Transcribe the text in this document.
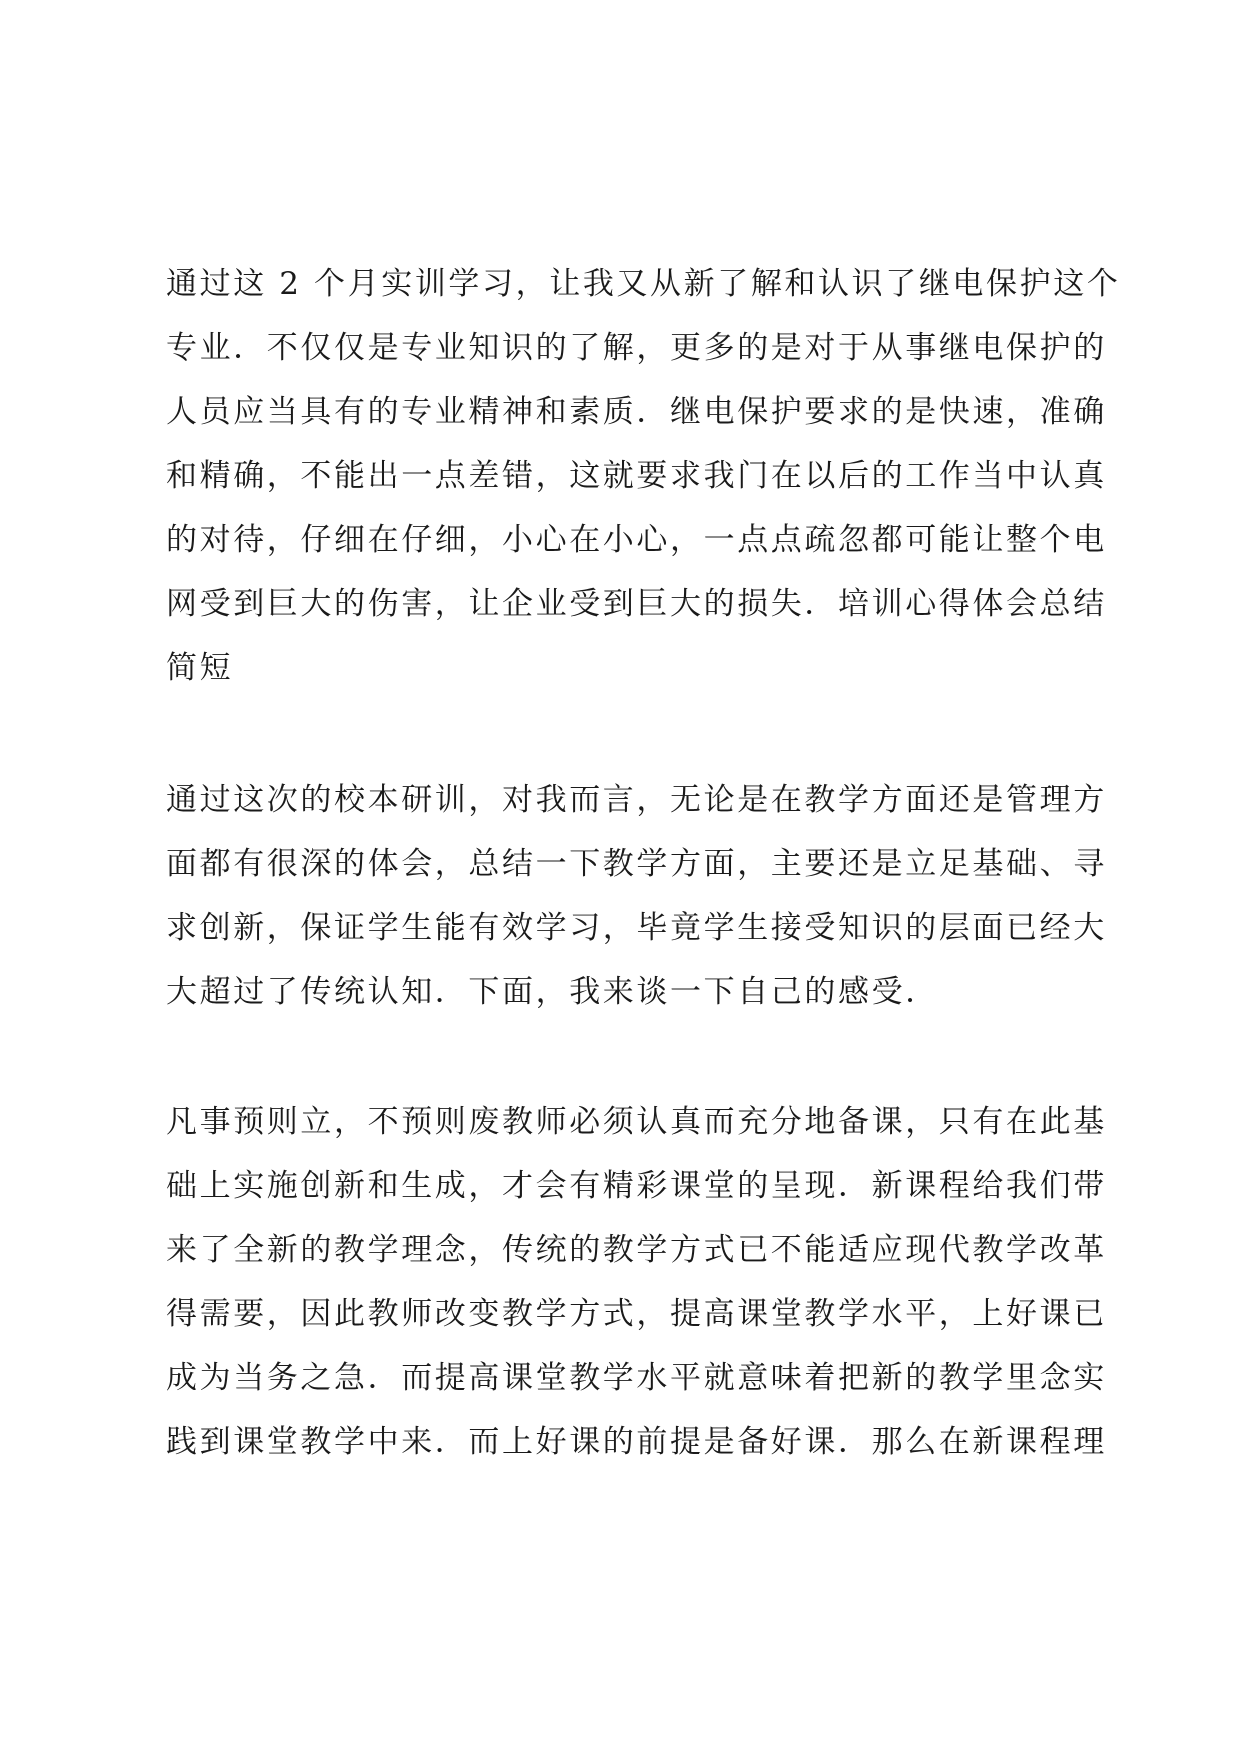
通过这 2 个月实训学习，让我又从新了解和认识了继电保护这个
专业．不仅仅是专业知识的了解，更多的是对于从事继电保护的
人员应当具有的专业精神和素质．继电保护要求的是快速，准确
和精确，不能出一点差错，这就要求我门在以后的工作当中认真
的对待，仔细在仔细，小心在小心，一点点疏忽都可能让整个电
网受到巨大的伤害，让企业受到巨大的损失．培训心得体会总结
简短
通过这次的校本研训，对我而言，无论是在教学方面还是管理方
面都有很深的体会，总结一下教学方面，主要还是立足基础、寻
求创新，保证学生能有效学习，毕竟学生接受知识的层面已经大
大超过了传统认知．下面，我来谈一下自己的感受．
凡事预则立，不预则废教师必须认真而充分地备课，只有在此基
础上实施创新和生成，才会有精彩课堂的呈现．新课程给我们带
来了全新的教学理念，传统的教学方式已不能适应现代教学改革
得需要，因此教师改变教学方式，提高课堂教学水平，上好课已
成为当务之急．而提高课堂教学水平就意味着把新的教学里念实
践到课堂教学中来．而上好课的前提是备好课．那么在新课程理
